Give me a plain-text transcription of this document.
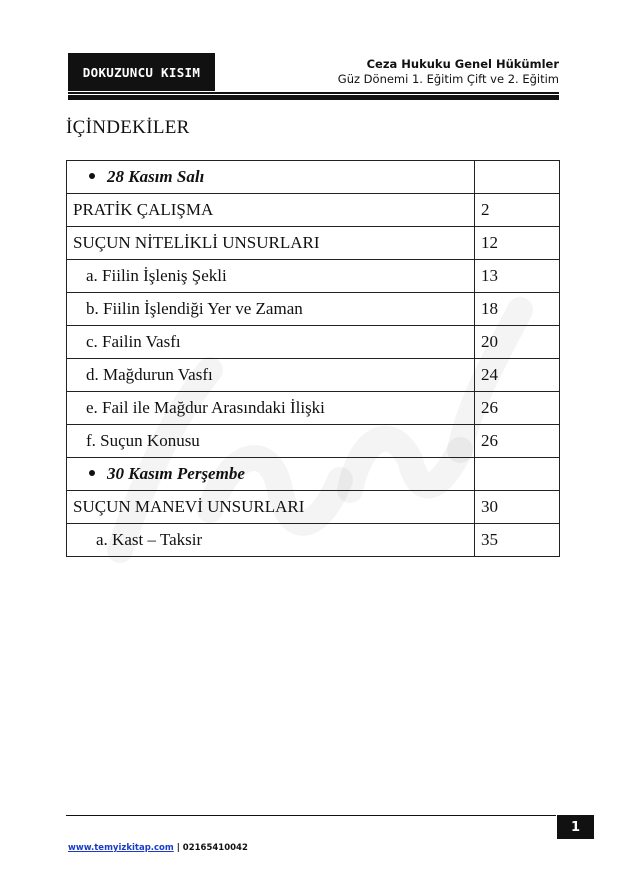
DOKUZUNCU KISIM
Ceza Hukuku Genel Hükümler
Güz Dönemi 1. Eğitim Çift ve 2. Eğitim
İÇİNDEKİLER
28 Kasım Salı	
PRATİK ÇALIŞMA	2
SUÇUN NİTELİKLİ UNSURLARI	12
a. Fiilin İşleniş Şekli	13
b. Fiilin İşlendiği Yer ve Zaman	18
c. Failin Vasfı	20
d. Mağdurun Vasfı	24
e. Fail ile Mağdur Arasındaki İlişki	26
f. Suçun Konusu	26
30 Kasım Perşembe	
SUÇUN MANEVİ UNSURLARI	30
a. Kast – Taksir	35
1
www.temyizkitap.com | 02165410042
